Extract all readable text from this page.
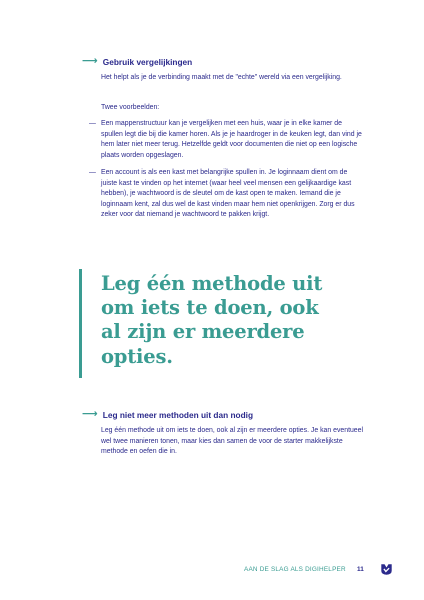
⟶ Gebruik vergelijkingen
Het helpt als je de verbinding maakt met de "echte" wereld via een vergelijking.
Twee voorbeelden:
— Een mappenstructuur kan je vergelijken met een huis, waar je in elke kamer de spullen legt die bij die kamer horen. Als je je haardroger in de keuken legt, dan vind je hem later niet meer terug. Hetzelfde geldt voor documenten die niet op een logische plaats worden opgeslagen.
— Een account is als een kast met belangrijke spullen in. Je loginnaam dient om de juiste kast te vinden op het internet (waar heel veel mensen een gelijkaardige kast hebben), je wachtwoord is de sleutel om de kast open te maken. Iemand die je loginnaam kent, zal dus wel de kast vinden maar hem niet openkrijgen. Zorg er dus zeker voor dat niemand je wachtwoord te pakken krijgt.
Leg één methode uit om iets te doen, ook al zijn er meerdere opties.
⟶ Leg niet meer methoden uit dan nodig
Leg één methode uit om iets te doen, ook al zijn er meerdere opties. Je kan eventueel wel twee manieren tonen, maar kies dan samen de voor de starter makkelijkste methode en oefen die in.
AAN DE SLAG ALS DIGIHELPER 11
